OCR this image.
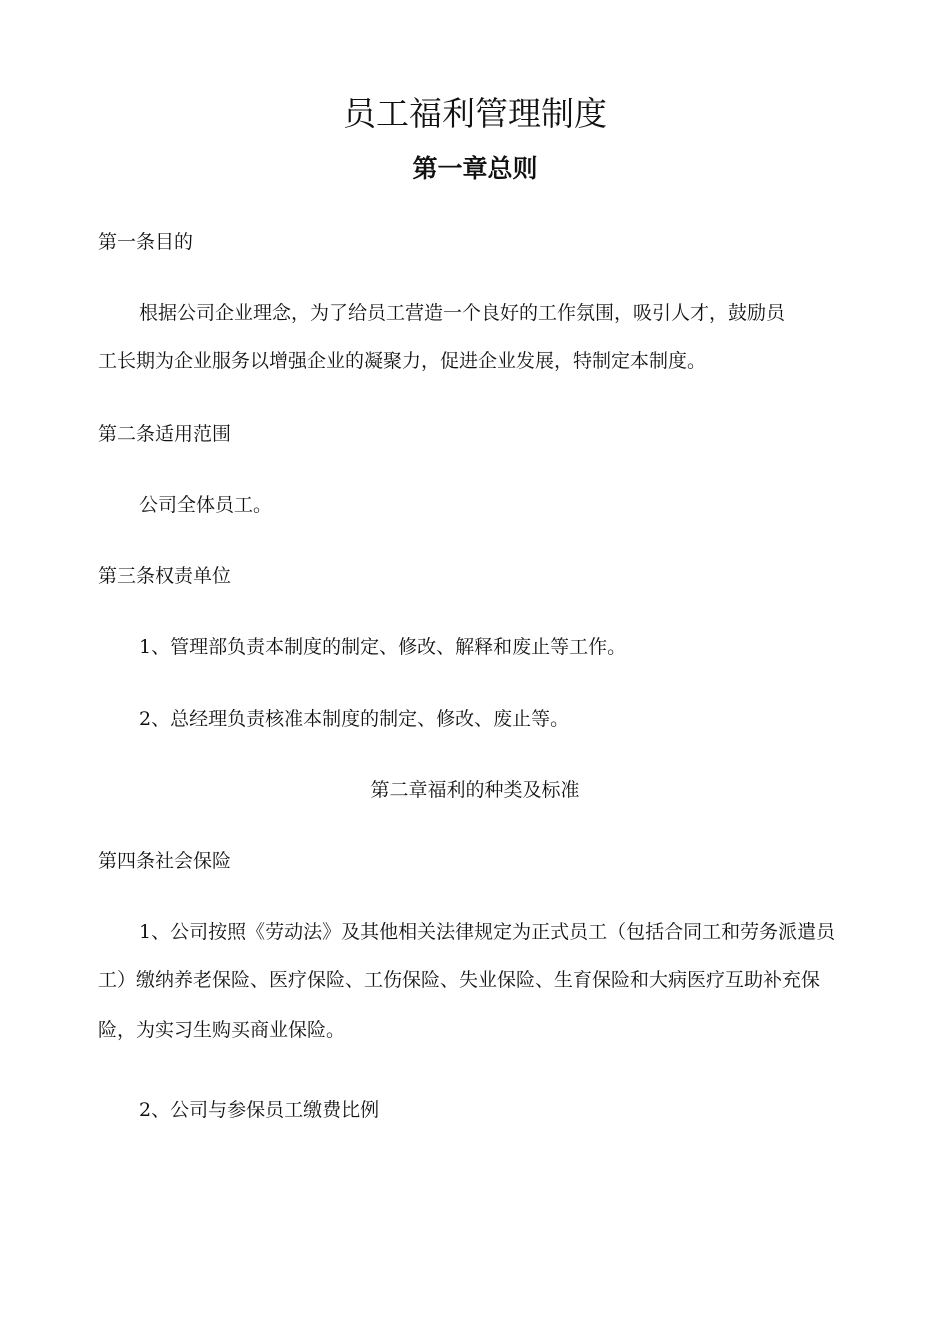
员工福利管理制度
第一章总则

第一条目的

根据公司企业理念，为了给员工营造一个良好的工作氛围，吸引人才，鼓励员

工长期为企业服务以增强企业的凝聚力，促进企业发展，特制定本制度。

第二条适用范围

公司全体员工。

第三条权责单位

1、管理部负责本制度的制定、修改、解释和废止等工作。

2、总经理负责核准本制度的制定、修改、废止等。

第二章福利的种类及标准

第四条社会保险

1、公司按照《劳动法》及其他相关法律规定为正式员工（包括合同工和劳务派遣员

工）缴纳养老保险、医疗保险、工伤保险、失业保险、生育保险和大病医疗互助补充保

险，为实习生购买商业保险。

2、公司与参保员工缴费比例
